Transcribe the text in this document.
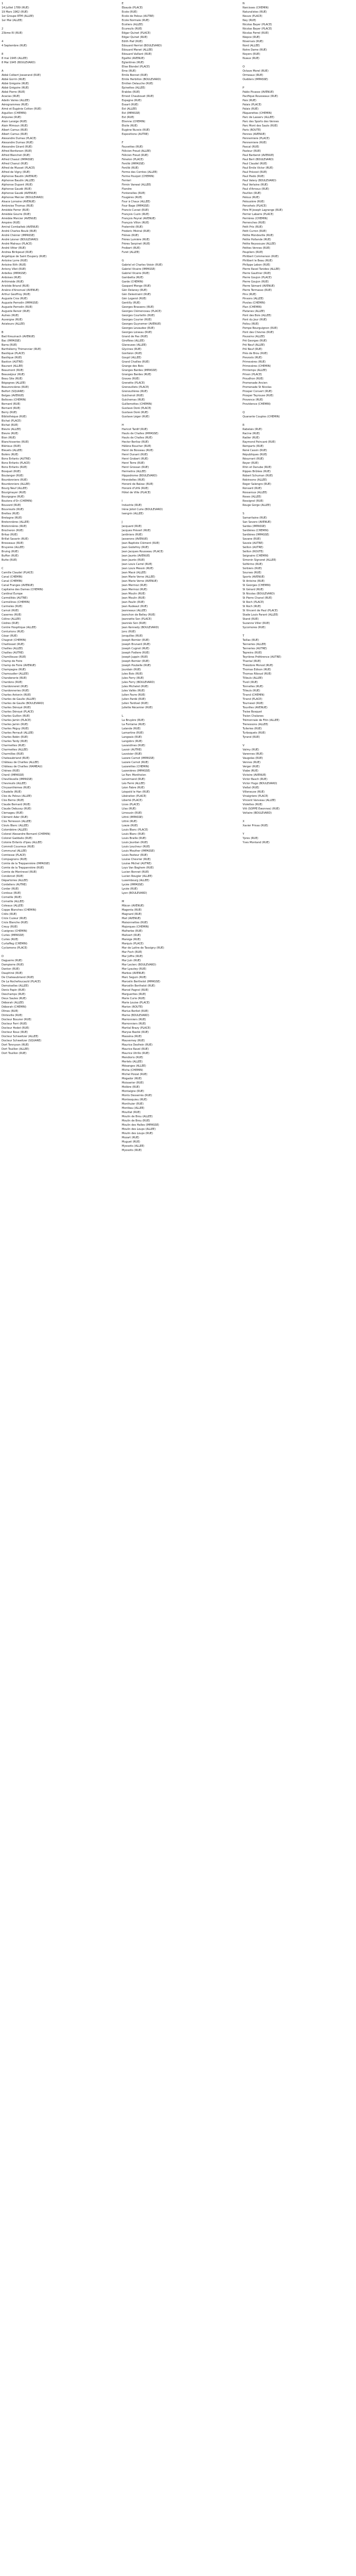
1
14 Juillet 1789 (RUE)
19 Mars 1962 (RUE)
1er Groupe RTM (ALLEE)
1er Mai (ALLEE)
2
23ème RI (RUE)
4
4 Septembre (RUE)
8
8 mai 1945 (ALLEE)
8 Mai 1945 (BOULEVARD)
A
Abbé Colbert Josserand (RUE)
Abbé Gorrin (RUE)
Abbé Grégoire (RUE)
Abbé Grégoire (RUE)
Abbé Pierre (RUE)
Acacias (RUE)
Adelin Vaires (ALLEE)
Aérogrammes (RUE)
Aimé et Eugénie Cotton (RUE)
Aiguillon (CHEMIN)
Airpuree (RUE)
Alain Laraige (RUE)
Alain Mimoun (RUE)
Albert Camus (RUE)
Albert Camus (RUE)
Alexandre Dumas (PLACE)
Alexandre Dumas (RUE)
Alexandre Girard (RUE)
Alfred Bonfarsen (RUE)
Alfred Blanchet (RUE)
Alfred Chaout (IMPASSE)
Alfred Chanut (RUE)
Alfred de Musset (PLACE)
Alfred de Vigny (RUE)
Alphonse Baudin (AVENUE)
Alphonse Baudin (ALLEE)
Alphonse Dupont (RUE)
Alphonse Gaudé (RUE)
Alphonse Gaudé (AVENUE)
Alphonse Mercier (BOULEVARD)
Alsace Lorraine (AVENUE)
Ambroise Thomas (RUE)
Amédée Ferrer (RUE)
Amédée Gourre (RUE)
Amédée Mercier (AVENUE)
Ampère (RUE)
Amiral Combalteb (AVENUE)
André Charles Boulé (RUE)
André Chénier (IMPASSE)
André Lévner (BOULEVARD)
André Malraux (PLACE)
André Vitter (RUE)
Andrea Birikpeud (RUE)
Angelique de Saint Exupery (RUE)
Antoine Lorre (RUE)
Antoine Rith (RUE)
Antony Vilet (RUE)
Ardelles (IMPASSE)
Ardoises (RUE)
Arthimède (RUE)
Aristide Briand (RUE)
Arsène d'Arsonval (AVENUE)
Arthur Geoffroy (RUE)
Auguste Cros (RUE)
Auguste Perrodin (IMPASSE)
Auguste Perrodin (RUE)
Auguste Renoir (RUE)
Aulnes (RUE)
Auvergne (RUE)
Aviateurs (ALLEE)
B
Bad Kreuznach (AVENUE)
Bac (IMPASSE)
Barra (RUE)
Barthélemy Thimonnier (RUE)
Basilique (PLACE)
Basilique (RUE)
Bastion (AUTRE)
Baurant (ALLEE)
Beaumont (RUE)
Beauséjour (RUE)
Beau Site (RUE)
Bégognes (ALLEE)
Beauroncières (RUE)
Belfort (SQUARE)
Belges (AVENUE)
Belloves (CHEMIN)
Bernard (RUE)
Bernard (RUE)
Berry (RUE)
Bibliothèque (RUE)
Bichat (PLACE)
Bichat (RUE)
Bievre (ALLEE)
Bievre (RUE)
Bion (RUE)
Blanchisseries (RUE)
Blérieux (RUE)
Bleuets (ALLEE)
Boléro (RUE)
Bons Enfants (AUTRE)
Bons Enfants (PLACE)
Bons Enfants (RUE)
Bosquet (RUE)
Boulanger (RUE)
Bourdonniers (RUE)
Bourdonniers (ALLEE)
Bourg Neuf (ALLEE)
Bourgmayer (RUE)
Bourgogne (RUE)
Boutons d'Or (CHEMIN)
Bouvard (RUE)
Bouvreuils (RUE)
Brettes (RUE)
Bretagne (RUE)
Bretonnières (ALLEE)
Bretonnières (RUE)
Brocheron (RUE)
Britaz (RUE)
Brillat Savarin (RUE)
Brosseaux (RUE)
Bruyeres (ALLEE)
Bruing (RUE)
Buffon (RUE)
Butte (RUE)
C
Camille Claudel (PLACE)
Canal (CHEMIN)
Canal (CHEMIN)
Canal Franges (AVENUE)
Capitaine des Dames (CHEMIN)
Cardinal Europe
Carmélités (AUTRE)
Carmélines (CHEMIN)
Carmeles (RUE)
Carnot (RUE)
Caserres (RUE)
Céline (ALLEE)
Cèdres (RUE)
Centre Hospitique (ALLEE)
Centurions (RUE)
César (RUE)
Chagnot (CHEMIN)
Chaillosset (RUE)
Chailles (ALLEE)
Chailles (AUTRE)
Chamilleuse (RUE)
Champ de Foire
Champ de Foire (AVENUE)
Champagne (RUE)
Chamoudier (ALLEE)
Chandenerie (RUE)
Chardons (RUE)
Chardonneret (RUE)
Chardonneries (RUE)
Charles Antonin (RUE)
Charles de Gaulle (ALLEE)
Charles de Gaulle (BOULEVARD)
Charles Dénoyé (RUE)
Charles Dénoyé (PLACE)
Charles Guillon (RUE)
Charles Jamin (PLACE)
Charles Jamin (RUE)
Charles Péguy (RUE)
Charles Perrault (ALLEE)
Charles Robin (RUE)
Charles Tardy (RUE)
Charmettes (RUE)
Charmettes (ALLEE)
Charmilles (RUE)
Chateaubriand (RUE)
Château de Chailles (ALLEE)
Château de Chailles (HAMEAU)
Chênes (RUE)
Chenil (IMPASSE)
Chevillevelle (IMPASSE)
Chevreuils (ALLEE)
Chrysanthèmes (RUE)
Citadelle (RUE)
Clos du Pelous (ALLEE)
Clos Berno (RUE)
Claude Bernard (RUE)
Claude Debussy (RUE)
Clemageu (RUE)
Clément Ader (RUE)
Clos Terresson (ALLEE)
Clovis Blanc (ALLEE)
Colombière (ALLEE)
Colonel Alexandre Bernard (CHEMIN)
Colonel Gaddalio (RUE)
Colonie Enfants d'Ipeu (ALLEE)
Commdt Couvreux (RUE)
Communal (ALLEE)
Comtesse (PLACE)
Compagnons (RUE)
Comte de la Treppannière (IMPASSE)
Comte de la Treppannière (RUE)
Comte de Montrevel (RUE)
Condorcet (RUE)
Départoires (ALLEE)
Cordeliers (AUTRE)
Corder (RUE)
Cordoux (RUE)
Corneille (RUE)
Corneille (ALLEE)
Coteaux (ALLEE)
Coppe Blanches (CHEMIN)
Crêts (RUE)
Croix Cuzeur (RUE)
Croix Blanche (RUE)
Creuy (RUE)
Cueignes (CHEMIN)
Curies (IMPASSE)
Curies (RUE)
Curtaffeg (CHEMIN)
Cyclamens (PLACE)
D
Daguerre (RUE)
Dampierre (RUE)
Danton (RUE)
Dauphiné (RUE)
De Chateaubriand (RUE)
De La Rochefoucauld (PLACE)
Demoiselles (ALLEE)
Denis Papin (RUE)
Deschamps (RUE)
Deux Saules (RUE)
Déborah (ALLEE)
Déborah (CHEMIN)
Dîmes (RUE)
Dinteville (RUE)
Docteur Bouvier (RUE)
Docteur Ferri (RUE)
Docteur Hodet (RUE)
Docteur Roux (RUE)
Docteur Schweitzer (ALLEE)
Docteur Schweitzer (SQUARE)
Dort Tennyson (RUE)
Dort Touillon (ALLEE)
Dort Touillon (RUE)
E
Ebauds (PLACE)
Ecole (RUE)
Ecole de Pelous (AUTRE)
Ecole Normale (RUE)
Ecoliers (ALLEE)
Ecureuils (RUE)
Edgar Quinet (PLACE)
Edgar Quinet (RUE)
Edith Piaf (RUE)
Edouard Herriot (BOULEVARD)
Edouard Manet (ALLEE)
Edouard Vaillant (RUE)
Egalité (AVENUE)
Eglantines (RUE)
Elise Blondel (PLACE)
Eme (RUE)
Emile Bonnet (RUE)
Emile Herbillon (BOULEVARD)
Emilien Delauche (RUE)
Epinettes (ALLEE)
Erables (RUE)
Ernest Chaubouet (RUE)
Espagne (RUE)
Essart (RUE)
Est (ALLEE)
Est (IMPASSE)
Est (RUE)
Etienne (CHEMIN)
Etoile (RUE)
Eugène Nuvois (RUE)
Expositions (AUTRE)
F
Fauvettes (RUE)
Félicien Freud (ALLEE)
Félicien Freud (RUE)
Fénelon (PLACE)
Fenillé (IMPASSE)
Fenillé (RUE)
Ferme des Comtes (ALLEE)
Ferme Pouipot (CHEMIN)
Ferrieri
Firmin Vanwal (ALLEE)
Flandre
Fontenelles (RUE)
Fougères (RUE)
Four à Chaux (ALLEE)
Four Bage (IMPASSE)
Francis Curzat (RUE)
François Cuzin (RUE)
François Peyrat (AVENUE)
François Villon (RUE)
Fraternité (RUE)
Frederic Mistral (RUE)
Frênes (RUE)
Frères Lumière (RUE)
Frères Serpinet (RUE)
Froibert (RUE)
Furet (ALLEE)
G
Gabriel et Charles Voisin (RUE)
Gabriel Vicaire (IMPASSE)
Gabriel Vicaire (RUE)
Gambetta (RUE)
Garde (CHEMIN)
Gaspard Monge (RUE)
Gén Delaney (RUE)
Gén Delestraint (RUE)
Gén Logerot (RUE)
Gentilly (RUE)
Georges Brassens (RUE)
Georges Clémenceau (PLACE)
Georges Courtellin (RUE)
Georges Courier (RUE)
Georges Guynemer (AVENUE)
Georges Levaudez (RUE)
Georges Loiseau (RUE)
Grand de Pax (RUE)
Giroflées (ALLEE)
Glaneuses (ALLEE)
Glycines (RUE)
Gonfalon (RUE)
Goupil (ALLEE)
Grand Chailles (RUE)
Grange des Bois
Granges Bardes (IMPASSE)
Granges Bardes (RUE)
Graves (RUE)
Grenette (PLACE)
Grenouillets (PLACE)
Grenouillères (RUE)
Guichenot (RUE)
Guichemas (RUE)
Guillemottes (CHEMIN)
Gustave Doré (PLACE)
Gustave Doré (RUE)
Gustave Léger (RUE)
H
Haricot Tardif (RUE)
Hauts de Challes (IMPASSE)
Hauts de Challes (RUE)
Hector Berlioz (RUE)
Hélène Boucher (RUE)
Henri de Bosseau (RUE)
Henri Dunant (RUE)
Henri Grobert (RUE)
Henri Terre (RUE)
Henri Grossan (RUE)
Hermelins (ALLEE)
Hippodrome (BOULEVARD)
Hirondelles (RUE)
Honoré de Balzac (RUE)
Honoré d'Urfé (RUE)
Hôtel de Ville (PLACE)
I
Industrie (RUE)
Irène Joliot Curie (BOULEVARD)
Isengrin (ALLEE)
J
Jacquard (RUE)
Jacques Prévert (RUE)
Jardiniers (RUE)
Jasserons (AVENUE)
Jean Baptiste Clément (RUE)
Jean Godefroy (RUE)
Jean Jacques Rousseau (PLACE)
Jean Jaurès (AVENUE)
Jean Jaurès (RUE)
Jean Louis Carrel (RUE)
Jean Louis Messin (RUE)
Jean Macé (ALLEE)
Jean Marie Verne (ALLEE)
Jean Marie Verne (AVENUE)
Jean Mermoz (RUE)
Jean Mermoz (RUE)
Jean Moulin (RUE)
Jean Moulin (RUE)
Jean Paulin (RUE)
Jean Rudeaut (RUE)
Jeanneaux (ALLEE)
Jeanchon de Belley (RUE)
Jeannette Son (PLACE)
Jeannès Son (RUE)
Jean Kennedy (BOULEVARD)
Jonc (RUE)
Jonquilles (RUE)
Joseph Bernier (RUE)
Joseph Brunard (RUE)
Joseph Cugnot (RUE)
Joseph Fodiere (RUE)
Joseph Juppin (RUE)
Joseph Bernier (RUE)
Joseph Poubelle (RUE)
Jourdain (RUE)
Jules Bois (RUE)
Jules Ferry (RUE)
Jules Ferry (BOULEVARD)
Jules Michelet (RUE)
Jules Vallès (RUE)
Julien Favre (RUE)
Julien Pardé (RUE)
Julien Tardivel (RUE)
Juliette Récamier (RUE)
L
La Bruyère (RUE)
La Fontaine (RUE)
Lalande (RUE)
Lamartine (RUE)
Langeais (RUE)
Langobrs (RUE)
Lavandines (RUE)
Lavoir (AUTRE)
Lavoisier (RUE)
Lazare Carnot (IMPASSE)
Lazare Carnot (RUE)
Lazarettes (CHEMIN)
Lazenières (IMPASSE)
Le Parc Montholon
Lenormand (RUE)
Léo Ferré (ALLEE)
Léon Fabre (RUE)
Léopold le Han (RUE)
Libération (PLACE)
Liberté (PLACE)
Lices (PLACE)
Lilas (RUE)
Limousin (RUE)
Littré (IMPASSE)
Littré (RUE)
Loeze (RUE)
Louis Blanc (PLACE)
Louis Blanc (RUE)
Louis Braille (RUE)
Louis Jourdan (RUE)
Louis Loucheur (RUE)
Louis Mouther (IMPASSE)
Louis Pasteur (RUE)
Louise Chevrier (RUE)
Louise Michel (AUTRE)
Loys Van Boghem (RUE)
Lucien Bonnet (RUE)
Lucien Rougier (ALLEE)
Luxembourg (ALLEE)
Lycée (IMPASSE)
Lycée (RUE)
Lyon (BOULEVARD)
M
Mâcon (AVENUE)
Magenta (RUE)
Magnard (RUE)
Mail (AVENUE)
Maisonnettes (RUE)
Majorques (CHEMIN)
Malherbe (RUE)
Malivert (RUE)
Manège (RUE)
Marquis (PLACE)
Mar de Lattre de Tassigny (RUE)
Mar Foch (RUE)
Mar Joffre (RUE)
Mar Juin (RUE)
Mar Leclerc (BOULEVARD)
Mar Lyautey (RUE)
Marbos (AVENUE)
Marc Seguin (RUE)
Marcelin Berthelot (IMPASSE)
Marcellin Berthelot (RUE)
Marcel Pagnol (RUE)
Marguerites (RUE)
Marie Curie (RUE)
Marie Louise (PLACE)
Marion (ROUTE)
Marius Berliet (RUE)
Marne (BOULEVARD)
Marronniers (RUE)
Marronniers (RUE)
Martial Brazy (PLACE)
Maryse Bastié (RUE)
Masséna (RUE)
Mauverney (RUE)
Maurice Desfrein (RUE)
Maurice Ravel (RUE)
Maurice Utrillo (RUE)
Mendiorix (RUE)
Merlets (ALLEE)
Mésanges (ALLEE)
Micha (CHEMIN)
Michel Poizat (RUE)
Mogador (RUE)
Moisserier (RUE)
Molière (RUE)
Montaigne (RUE)
Monts Desserrés (RUE)
Montesquieu (RUE)
Monthuier (RUE)
Montbau (ALLEE)
Mouillat (RUE)
Moulin de Brou (ALLEE)
Moulin de Brou (RUE)
Moulin des Halles (IMPASSE)
Moulin des Loups (ALLEE)
Moulin des Loups (RUE)
Mozart (RUE)
Muguet (RUE)
Myosotis (ALLEE)
Myosotis (RUE)
N
Narcisses (CHEMIN)
Naturalistes (RUE)
Neuve (PLACE)
Ney (RUE)
Nicolas Bayer (PLACE)
Nicolas Bayer (PLACE)
Nicolas Ferrel (RUE)
Niepce (RUE)
Nivernais (RUE)
Nord (ALLEE)
Notre Dame (RUE)
Noyers (RUE)
Nuaux (RUE)
O
Octave Morel (RUE)
Ormeaux (RUE)
Oudders (IMPASSE)
P
Pablo Picasso (AVENUE)
Pacifique Rousseaux (RUE)
Paix (RUE)
Palais (PLACE)
Palais (RUE)
Pâquerettes (CHEMIN)
Parc de Lasserv (ALLEE)
Parc des Sports des Vennes
Parc Mont des Sauts (RUE)
Paris (ROUTE)
Pennes (AVENUE)
Pennemiere (PLACE)
Pennemiere (RUE)
Pascal (RUE)
Pasteur (RUE)
Paul Barberot (AVENUE)
Paul Bert (BOULEVARD)
Paul Claudel (RUE)
Paul Emile Victor (RUE)
Paul Prévost (RUE)
Paul Piedo (RUE)
Paul Valery (BOULEVARD)
Paul Verlaine (RUE)
Paul d'Arnoux (RUE)
Pavillon (RUE)
Pelous (RUE)
Pelousière (RUE)
Perceheis (PLACE)
Père M Joseph Lagrange (RUE)
Perrier Labarre (PLACE)
Perrières (CHEMIN)
Perrenches (RUE)
Petit Prix (RUE)
Petit Curron (RUE)
Petite Mondeville (RUE)
Petite Hollande (RUE)
Petite Reyssouze (ALLEE)
Petites Vennes (RUE)
Peupliers (RUE)
Philibert Commerson (RUE)
Philibert le Beau (RUE)
Philippe Lebon (RUE)
Pierre Ravel Tanides (ALLEE)
Pierre Gauthier (RUE)
Pierre Goujon (PLACE)
Pierre Goujon (RUE)
Pierre Sémard (AVENUE)
Pierre Termasso (RUE)
Pins (RUE)
Pinsons (ALLEE)
Pivoles (CHEMIN)
Plan (CHEMIN)
Platanes (ALLEE)
Pont des Bois (ALLEE)
Pont du Jour (RUE)
Poilou (RUE)
Pompe Bourguignon (RUE)
Pont des Chèvres (RUE)
Poussins (ALLEE)
Prê Georges (RUE)
Prê Neuf (ALLEE)
Prê Neuf (RUE)
Prés de Brou (RUE)
Prevosts (RUE)
Primevères (RUE)
Primevères (CHEMIN)
Printemps (ALLEE)
Prison (PLACE)
Proudhon (RUE)
Promenade Ancien
Promenade St Nicolas
Prosper Convert (RUE)
Prosper Teyrouse (RUE)
Provence (RUE)
Providence (CHEMIN)
Q
Quarante Couples (CHEMIN)
R
Rabelais (RUE)
Racine (RUE)
Radier (RUE)
Raymond Poincaré (RUE)
Remparts (RUE)
René Cassin (RUE)
Républiques (RUE)
Résurrant (RUE)
Reyer (RUE)
Rhin et Danube (RUE)
Rippes Brûlées (RUE)
Robert Schuman (RUE)
Robinsons (ALLEE)
Roger Salengro (RUE)
Ronsard (RUE)
Rossaroux (ALLEE)
Roses (ALLEE)
Rossignol (RUE)
Rouge Gorge (ALLEE)
S
Samaritaine (RUE)
San Severo (AVENUE)
Sardes (IMPASSE)
Sardières (CHEMIN)
Sardières (IMPASSE)
Savane (RUE)
Savoie (AUTRE)
Seillon (AUTRE)
Seillon (ROUTE)
Seignaire (CHEMIN)
Simonin Signoret (ALLEE)
Solférino (RUE)
Sorbiers (RUE)
Sourses (RUE)
Sports (AVENUE)
St Antoine (RUE)
St Georges (CHEMIN)
St Gérard (RUE)
St Nicolas (BOULEVARD)
St Pierre Chanel (RUE)
St Roch (PLACE)
St Roch (RUE)
St Vincent de Paul (PLACE)
Stade Louis Parant (ALLEE)
Stand (RUE)
Suzanne Viller (RUE)
Sycomores (RUE)
T
Taillas (RUE)
Tanneries (ALLEE)
Tanneries (AUTRE)
Tepreins (RUE)
Teyrières Préférence (AUTRE)
Thantal (RUE)
Théodore Monod (RUE)
Thomas Edison (RUE)
Thomas Riboud (RUE)
Tilleuls (ALLEE)
Tivoli (RUE)
Tonnelles (RUE)
Tilleuls (RUE)
Tirand (CHEMIN)
Tirand (PLACE)
Tournesol (RUE)
Touvilles (AVENUE)
Traise Bosquet
Traion Chalanes
Trémonnaie de Fitin (ALLEE)
Trenessons (ALLEE)
Tuileries (RUE)
Turboquets (RUE)
Tyrand (RUE)
V
Valmy (RUE)
Varennes (RUE)
Vaugelas (RUE)
Vennes (RUE)
Verger (RUE)
Viabe (RUE)
Victoire (AVENUE)
Victor Basch (RUE)
Victor Hugo (BOULEVARD)
Viellat (RUE)
Villeneuve (RUE)
Vinaigriere (PLACE)
Vincent Vanveau (ALLEE)
Violettes (RUE)
Vitt (SOPPE Ewonnes) (RUE)
Voltaire (BOULEVARD)
X
Xavier Privas (RUE)
Y
Ypres (RUE)
Yves Montand (RUE)
